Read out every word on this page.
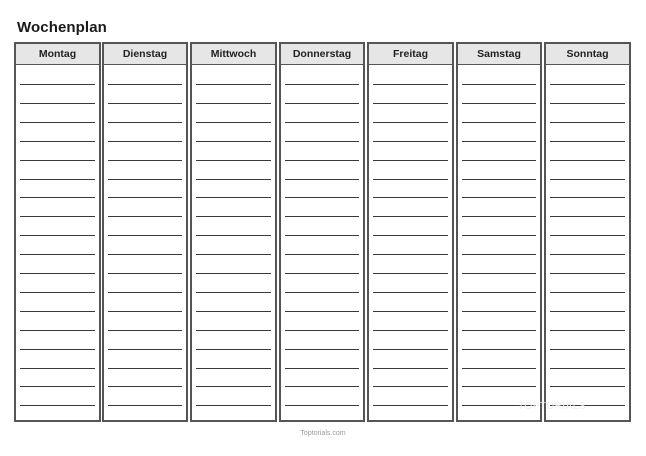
Wochenplan
Montag	Dienstag	Mittwoch	Donnerstag	Freitag	Samstag	Sonntag
TOPTORIALS
Toptorials.com
